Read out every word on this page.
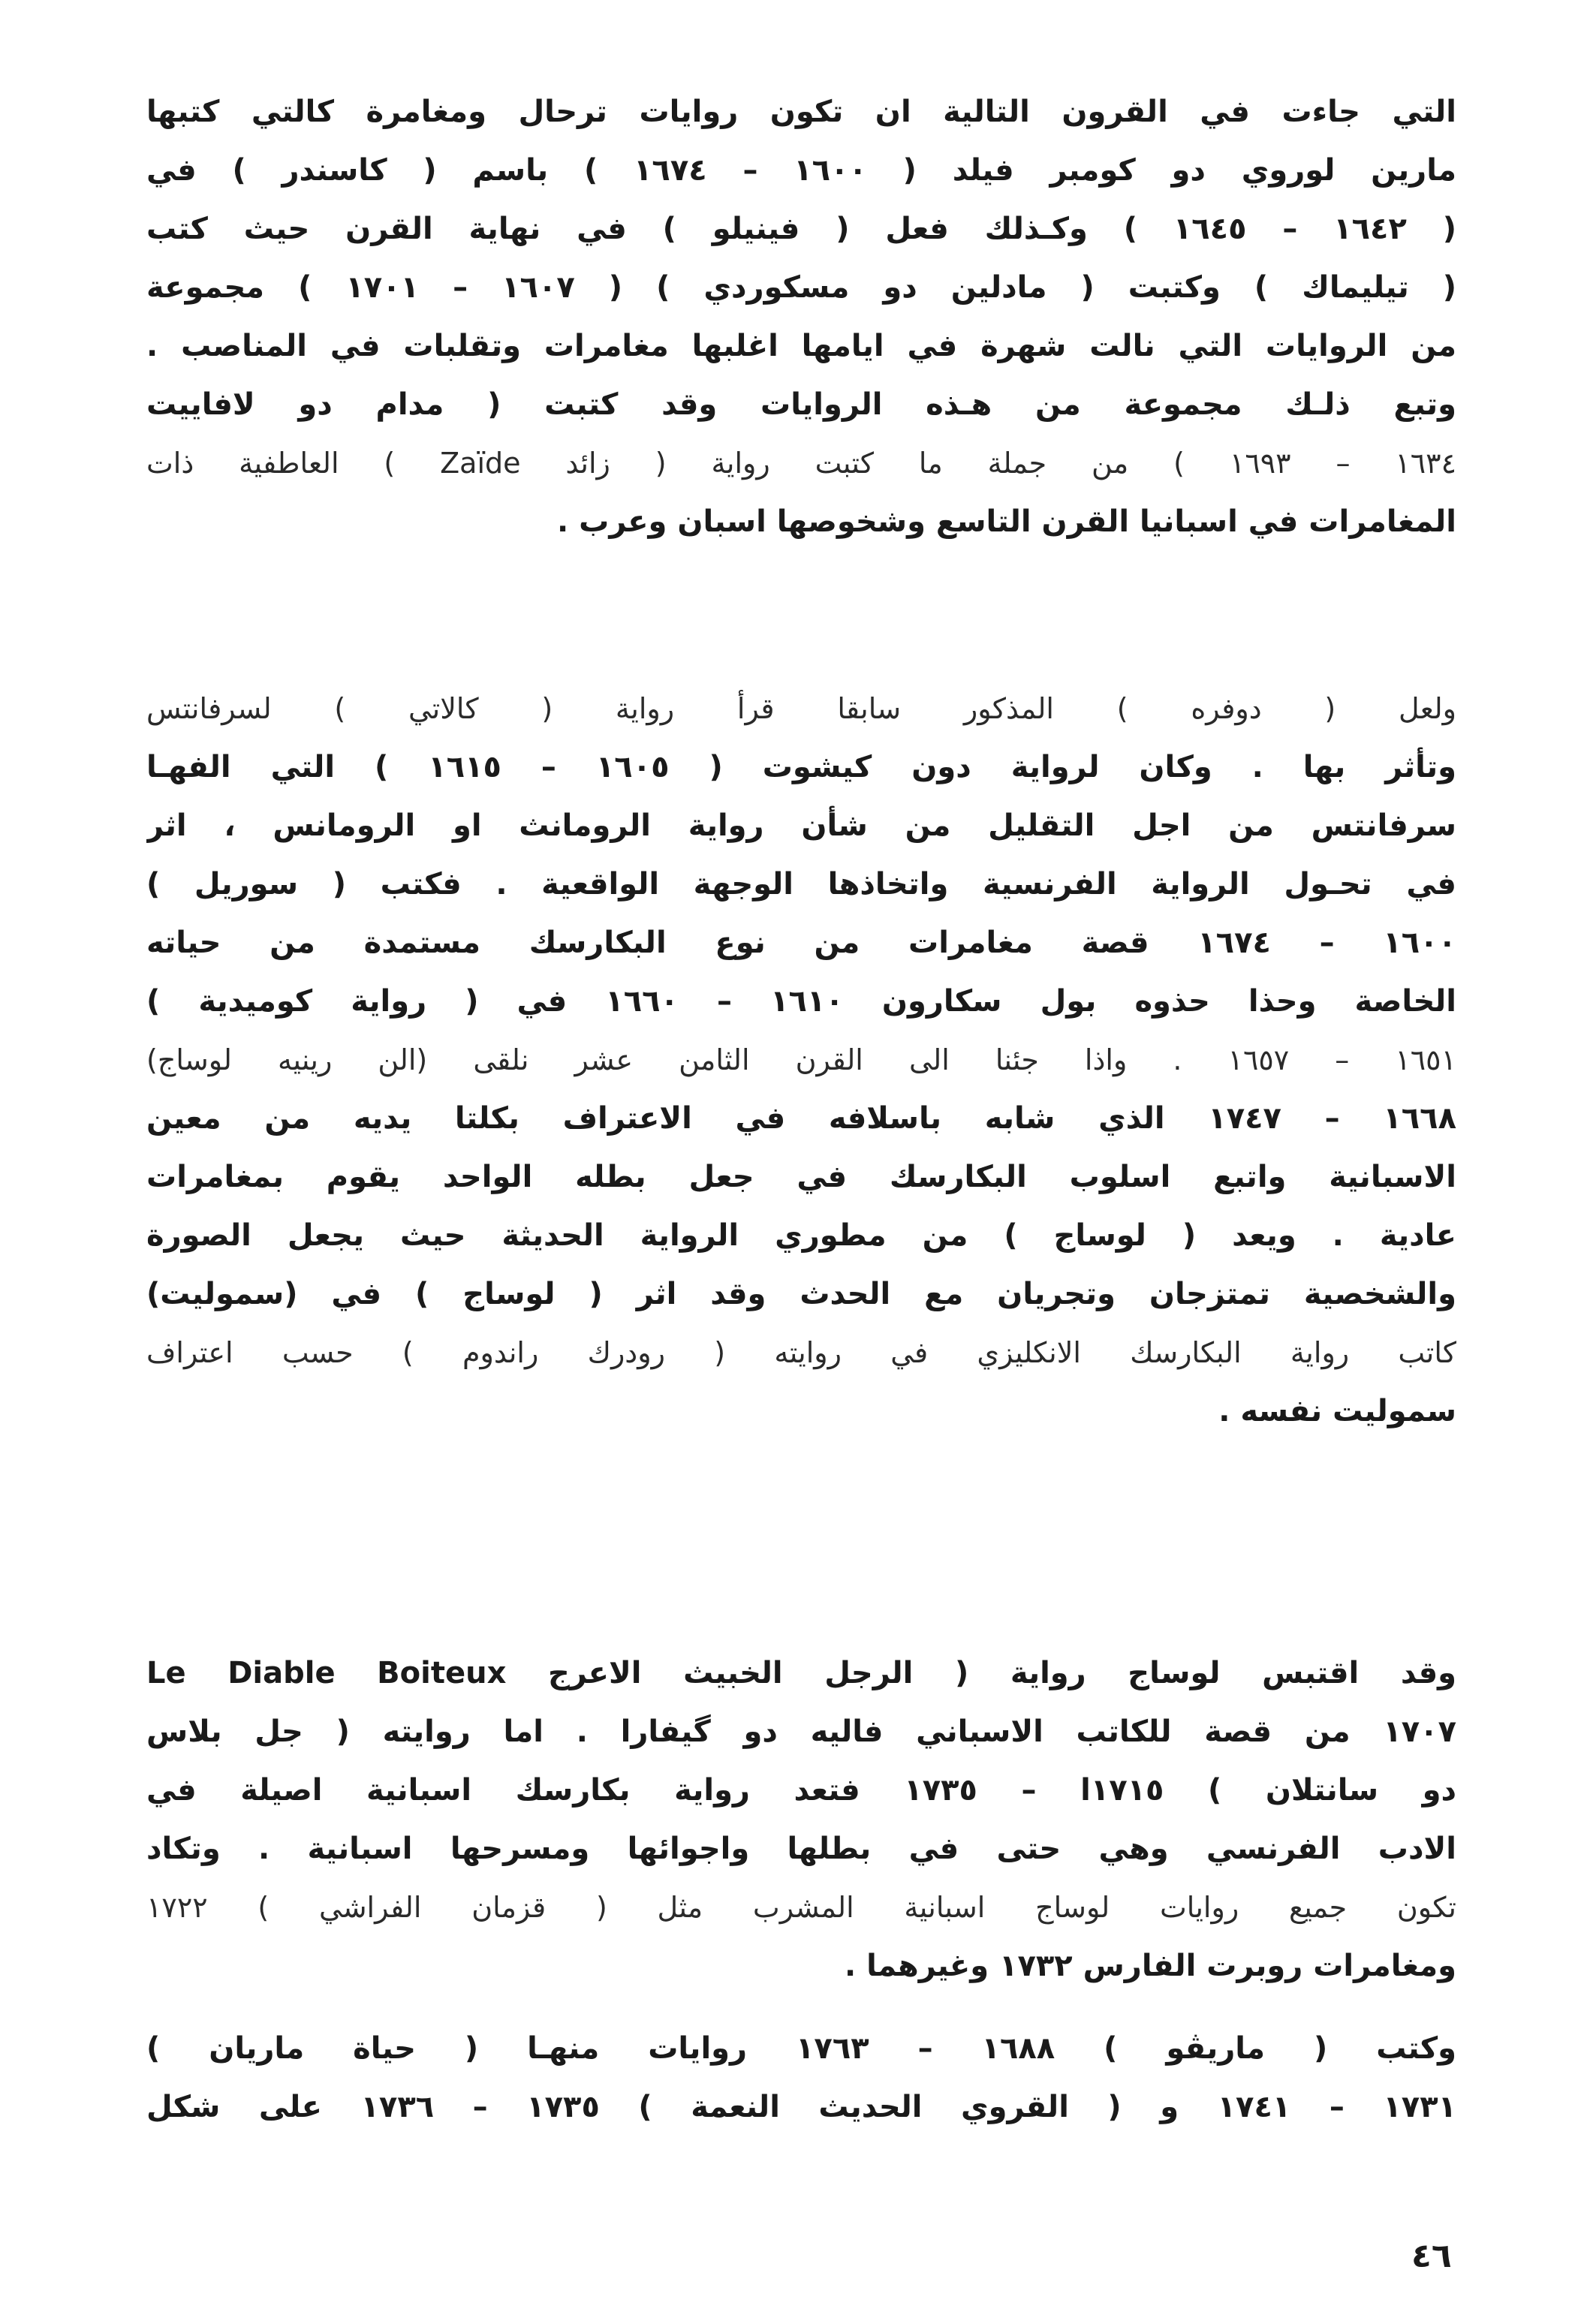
التي جاءت في القرون التالية ان تكون روايات ترحال ومغامرة كالتي كتبها
مارين لوروي دو كومبر فيلد ( ١٦٠٠ – ١٦٧٤ ) باسم ( كاسندر ) في
( ١٦٤٢ – ١٦٤٥ ) وكـذلك فعل ( فينيلو ) في نهاية القرن حيث كتب
( تيليماك ) وكتبت ( مادلين دو مسكوردي ) ( ١٦٠٧ – ١٧٠١ ) مجموعة
من الروايات التي نالت شهرة في ايامها اغلبها مغامرات وتقلبات في المناصب .
وتبع ذلـك مجموعة من هـذه الروايات وقد كتبت ( مدام دو لافاييت
١٦٣٤ – ١٦٩٣ ) من جملة ما كتبت رواية ( زائد Zaïde ) العاطفية ذات
المغامرات في اسبانيا القرن التاسع وشخوصها اسبان وعرب .
ولعل ( دوفره ) المذكور سابقا قرأ رواية ( كالاتي ) لسرفانتس
وتأثر بها . وكان لرواية دون كيشوت ( ١٦٠٥ – ١٦١٥ ) التي الفهـا
سرفانتس من اجل التقليل من شأن رواية الرومانث او الرومانس ، اثر
في تحـول الرواية الفرنسية واتخاذها الوجهة الواقعية . فكتب ( سوريل )
١٦٠٠ – ١٦٧٤ قصة مغامرات من نوع البكارسك مستمدة من حياته
الخاصة وحذا حذوه بول سكارون ١٦١٠ – ١٦٦٠ في ( رواية كوميدية )
١٦٥١ – ١٦٥٧ . واذا جئنا الى القرن الثامن عشر نلقى (الن رينيه لوساج)
١٦٦٨ – ١٧٤٧ الذي شابه باسلافه في الاعتراف بكلتا يديه من معين
الاسبانية واتبع اسلوب البكارسك في جعل بطله الواحد يقوم بمغامرات
عادية . ويعد ( لوساج ) من مطوري الرواية الحديثة حيث يجعل الصورة
والشخصية تمتزجان وتجريان مع الحدث وقد اثر ( لوساج ) في (سموليت)
كاتب رواية البكارسك الانكليزي في روايته ( رودرك راندوم ) حسب اعتراف
سموليت نفسه .
وقد اقتبس لوساج رواية ( الرجل الخبيث الاعرج Le Diable Boiteux
١٧٠٧ من قصة للكاتب الاسباني فاليه دو گيفارا . اما روايته ( جل بلاس
دو سانتلان ) ١٧١٥ا – ١٧٣٥ فتعد رواية بكارسك اسبانية اصيلة في
الادب الفرنسي وهي حتى في بطلها واجوائها ومسرحها اسبانية . وتكاد
تكون جميع روايات لوساج اسبانية المشرب مثل ( قزمان الفراشي ) ١٧٢٢
ومغامرات روبرت الفارس ١٧٣٢ وغيرهما .
وكتب ( ماريڤو ) ١٦٨٨ – ١٧٦٣ روايات منهـا ( حياة ماريان )
١٧٣١ – ١٧٤١ و ( القروي الحديث النعمة ) ١٧٣٥ – ١٧٣٦ على شكل
٤٦
